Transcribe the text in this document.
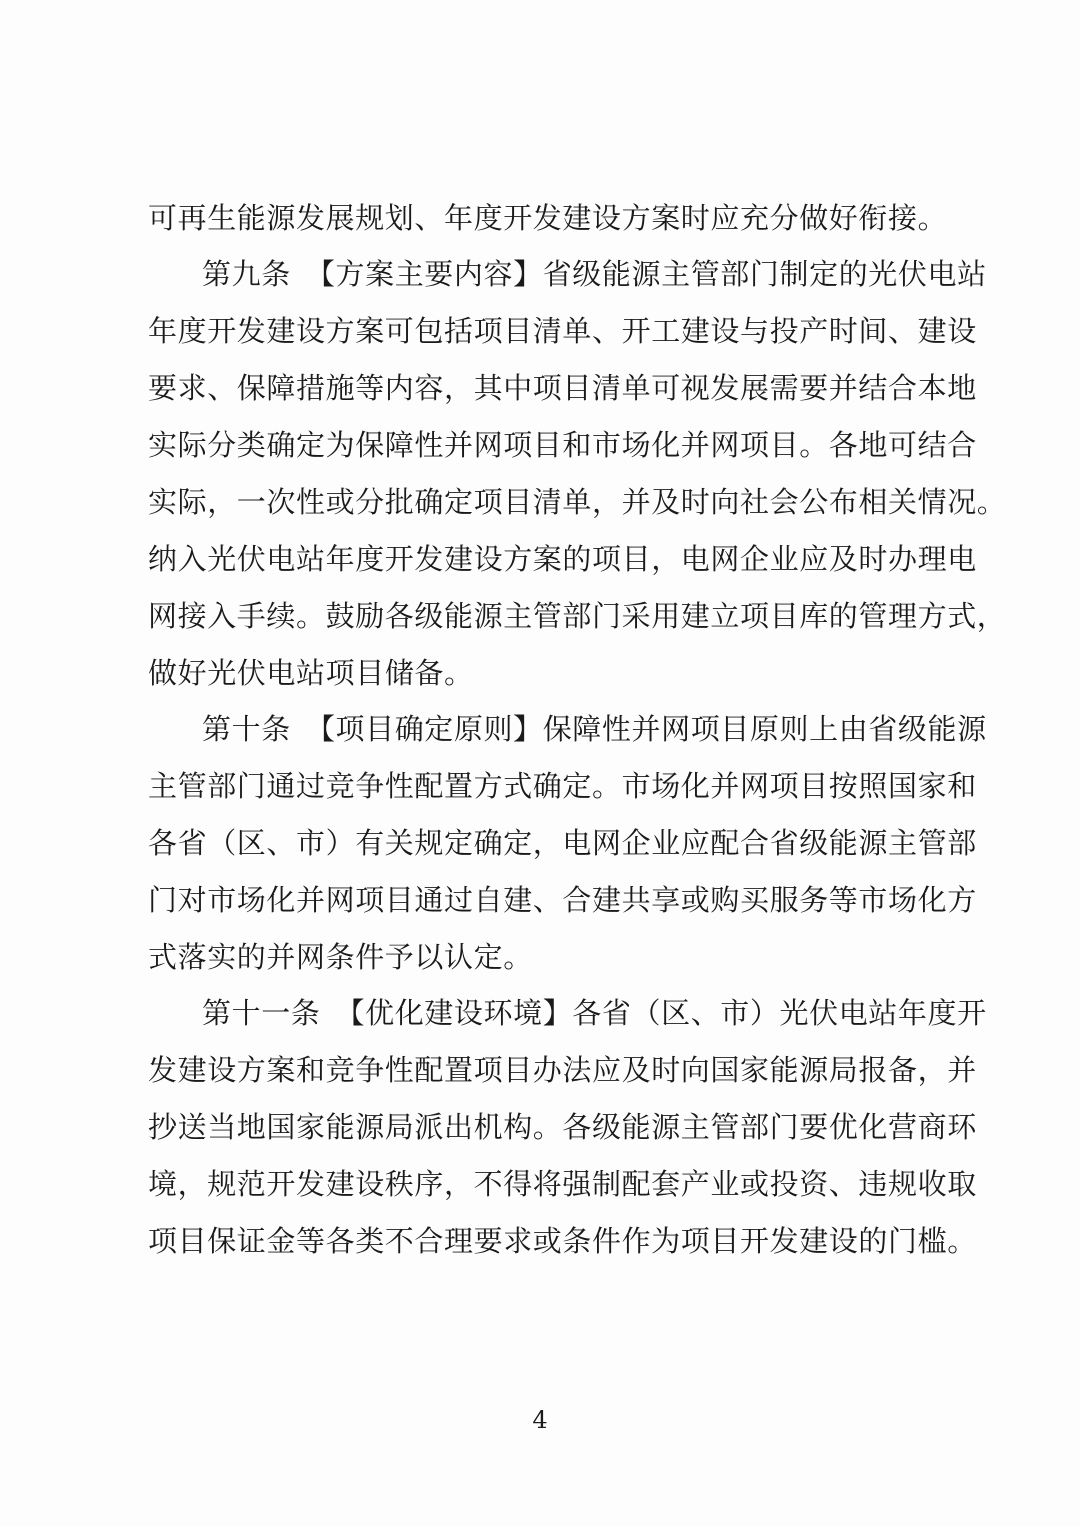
可再生能源发展规划、年度开发建设方案时应充分做好衔接。
第九条　【方案主要内容】省级能源主管部门制定的光伏电站
年度开发建设方案可包括项目清单、开工建设与投产时间、建设
要求、保障措施等内容，其中项目清单可视发展需要并结合本地
实际分类确定为保障性并网项目和市场化并网项目。各地可结合
实际，一次性或分批确定项目清单，并及时向社会公布相关情况。
纳入光伏电站年度开发建设方案的项目，电网企业应及时办理电
网接入手续。鼓励各级能源主管部门采用建立项目库的管理方式，
做好光伏电站项目储备。
第十条　【项目确定原则】保障性并网项目原则上由省级能源
主管部门通过竞争性配置方式确定。市场化并网项目按照国家和
各省（区、市）有关规定确定，电网企业应配合省级能源主管部
门对市场化并网项目通过自建、合建共享或购买服务等市场化方
式落实的并网条件予以认定。
第十一条　【优化建设环境】各省（区、市）光伏电站年度开
发建设方案和竞争性配置项目办法应及时向国家能源局报备，并
抄送当地国家能源局派出机构。各级能源主管部门要优化营商环
境，规范开发建设秩序，不得将强制配套产业或投资、违规收取
项目保证金等各类不合理要求或条件作为项目开发建设的门槛。
4
